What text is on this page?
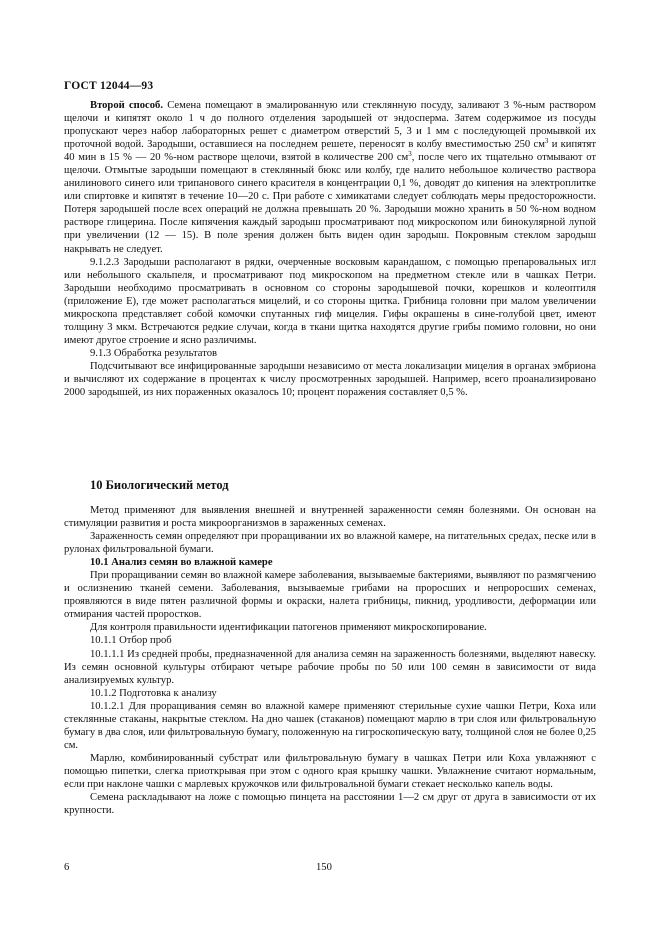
ГОСТ 12044—93

Второй способ. Семена помещают в эмалированную или стеклянную посуду, заливают 3 %-ным раствором щелочи и кипятят около 1 ч до полного отделения зародышей от эндосперма. Затем содержимое из посуды пропускают через набор лабораторных решет с диаметром отверстий 5, 3 и 1 мм с последующей промывкой их проточной водой. Зародыши, оставшиеся на последнем решете, переносят в колбу вместимостью 250 $см^3$ и кипятят 40 мин в 15 % — 20 %-ном растворе щелочи, взятой в количестве 200 $см^3$, после чего их тщательно отмывают от щелочи. Отмытые зародыши помещают в стеклянный бюкс или колбу, где налито небольшое количество раствора анилинового синего или трипанового синего красителя в концентрации 0,1 %, доводят до кипения на электроплитке или спиртовке и кипятят в течение 10—20 с. При работе с химикатами следует соблюдать меры предосторожности. Потеря зародышей после всех операций не должна превышать 20 %. Зародыши можно хранить в 50 %-ном водном растворе глицерина. После кипячения каждый зародыш просматривают под микроскопом или бинокулярной лупой при увеличении (12 — 15). В поле зрения должен быть виден один зародыш. Покровным стеклом зародыш накрывать не следует.

9.1.2.3 Зародыши располагают в рядки, очерченные восковым карандашом, с помощью препаровальных игл или небольшого скальпеля, и просматривают под микроскопом на предметном стекле или в чашках Петри. Зародыши необходимо просматривать в основном со стороны зародышевой почки, корешков и колеоптиля (приложение Е), где может располагаться мицелий, и со стороны щитка. Грибница головни при малом увеличении микроскопа представляет собой комочки спутанных гиф мицелия. Гифы окрашены в сине-голубой цвет, имеют толщину 3 мкм. Встречаются редкие случаи, когда в ткани щитка находятся другие грибы помимо головни, но они имеют другое строение и ясно различимы.

9.1.3 Обработка результатов

Подсчитывают все инфицированные зародыши независимо от места локализации мицелия в органах эмбриона и вычисляют их содержание в процентах к числу просмотренных зародышей. Например, всего проанализировано 2000 зародышей, из них пораженных оказалось 10; процент поражения составляет 0,5 %.

10 Биологический метод

Метод применяют для выявления внешней и внутренней зараженности семян болезнями. Он основан на стимуляции развития и роста микроорганизмов в зараженных семенах.

Зараженность семян определяют при проращивании их во влажной камере, на питательных средах, песке или в рулонах фильтровальной бумаги.

10.1 Анализ семян во влажной камере

При проращивании семян во влажной камере заболевания, вызываемые бактериями, выявляют по размягчению и ослизнению тканей семени. Заболевания, вызываемые грибами на проросших и непроросших семенах, проявляются в виде пятен различной формы и окраски, налета грибницы, пикнид, уродливости, деформации или отмирания частей проростков.

Для контроля правильности идентификации патогенов применяют микроскопирование.

10.1.1 Отбор проб

10.1.1.1 Из средней пробы, предназначенной для анализа семян на зараженность болезнями, выделяют навеску. Из семян основной культуры отбирают четыре рабочие пробы по 50 или 100 семян в зависимости от вида анализируемых культур.

10.1.2 Подготовка к анализу

10.1.2.1 Для проращивания семян во влажной камере применяют стерильные сухие чашки Петри, Коха или стеклянные стаканы, накрытые стеклом. На дно чашек (стаканов) помещают марлю в три слоя или фильтровальную бумагу в два слоя, или фильтровальную бумагу, положенную на гигроскопическую вату, толщиной слоя не более 0,25 см.

Марлю, комбинированный субстрат или фильтровальную бумагу в чашках Петри или Коха увлажняют с помощью пипетки, слегка приоткрывая при этом с одного края крышку чашки. Увлажнение считают нормальным, если при наклоне чашки с марлевых кружочков или фильтровальной бумаги стекает несколько капель воды.

Семена раскладывают на ложе с помощью пинцета на расстоянии 1—2 см друг от друга в зависимости от их крупности.

6	150
